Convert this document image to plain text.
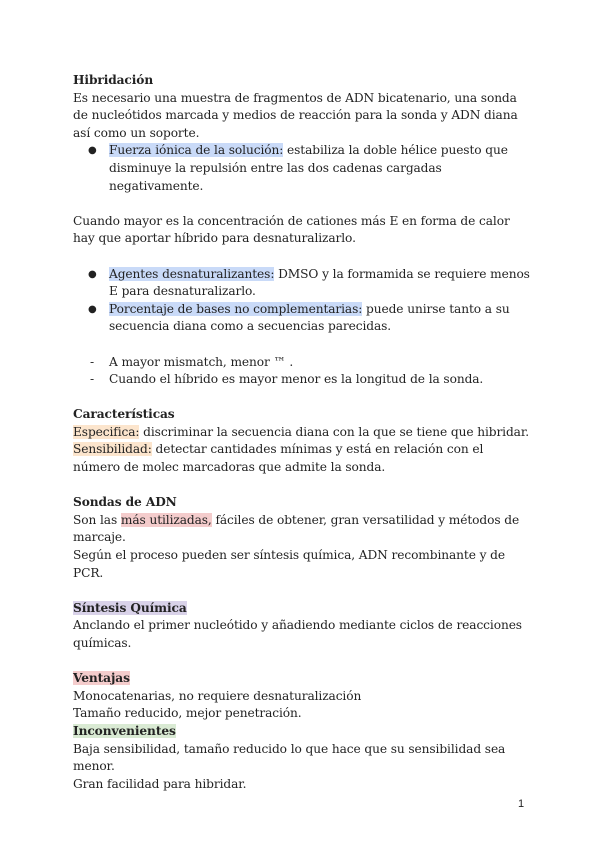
Hibridación

Es necesario una muestra de fragmentos de ADN bicatenario, una sonda de nucleótidos marcada y medios de reacción para la sonda y ADN diana así como un soporte.

● Fuerza iónica de la solución: estabiliza la doble hélice puesto que disminuye la repulsión entre las dos cadenas cargadas negativamente.

Cuando mayor es la concentración de cationes más E en forma de calor hay que aportar híbrido para desnaturalizarlo.

● Agentes desnaturalizantes: DMSO y la formamida se requiere menos E para desnaturalizarlo.
● Porcentaje de bases no complementarias: puede unirse tanto a su secuencia diana como a secuencias parecidas.
- A mayor mismatch, menor ™ .
- Cuando el híbrido es mayor menor es la longitud de la sonda.

Características

Especifica: discriminar la secuencia diana con la que se tiene que hibridar.

Sensibilidad: detectar cantidades mínimas y está en relación con el número de molec marcadoras que admite la sonda.

Sondas de ADN

Son las más utilizadas, fáciles de obtener, gran versatilidad y métodos de marcaje.

Según el proceso pueden ser síntesis química, ADN recombinante y de PCR.

Síntesis Química

Anclando el primer nucleótido y añadiendo mediante ciclos de reacciones químicas.

Ventajas

Monocatenarias, no requiere desnaturalización

Tamaño reducido, mejor penetración.

Inconvenientes

Baja sensibilidad, tamaño reducido lo que hace que su sensibilidad sea menor.

Gran facilidad para hibridar.

1
